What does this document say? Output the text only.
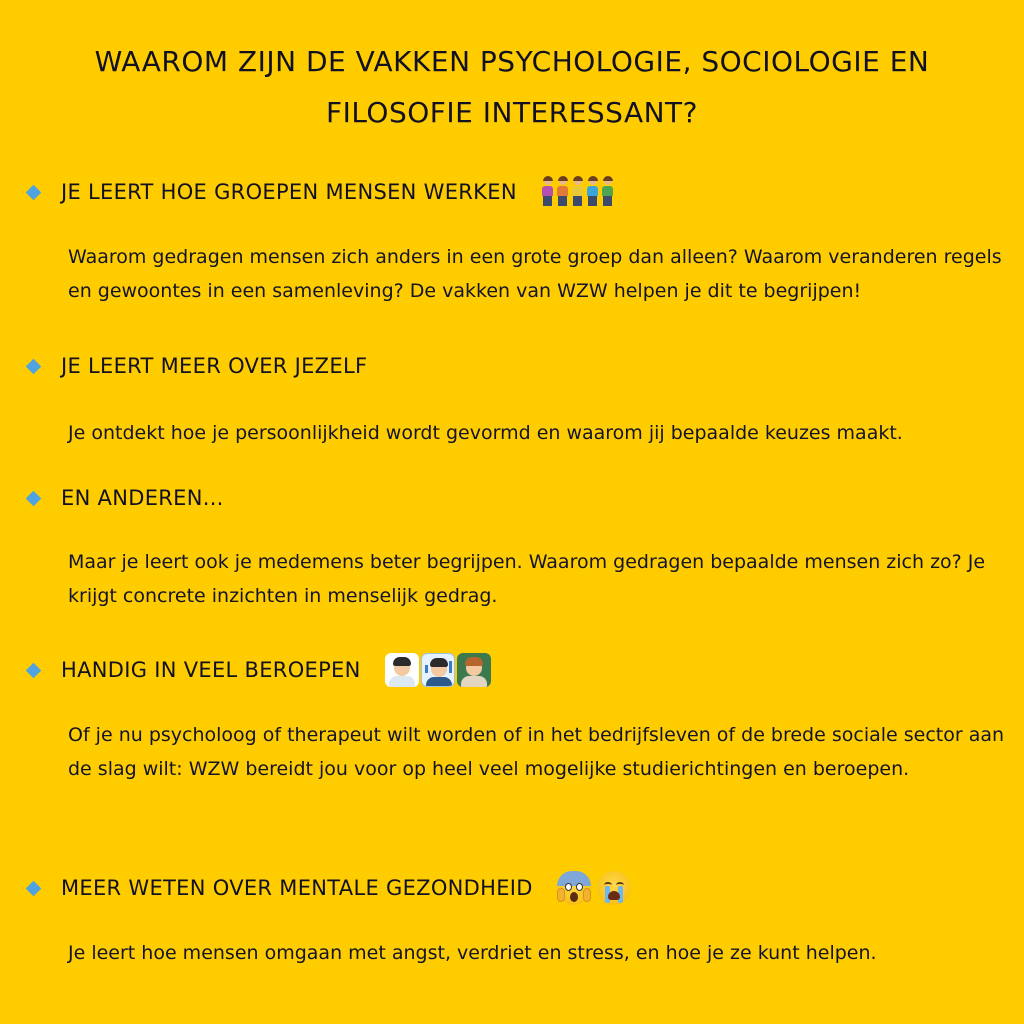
WAAROM ZIJN DE VAKKEN PSYCHOLOGIE, SOCIOLOGIE EN FILOSOFIE INTERESSANT?
JE LEERT HOE GROEPEN MENSEN WERKEN

Waarom gedragen mensen zich anders in een grote groep dan alleen? Waarom veranderen regels en gewoontes in een samenleving? De vakken van WZW helpen je dit te begrijpen!

JE LEERT MEER OVER JEZELF

Je ontdekt hoe je persoonlijkheid wordt gevormd en waarom jij bepaalde keuzes maakt.

EN ANDEREN...

Maar je leert ook je medemens beter begrijpen. Waarom gedragen bepaalde mensen zich zo? Je krijgt concrete inzichten in menselijk gedrag.

HANDIG IN VEEL BEROEPEN

Of je nu psycholoog of therapeut wilt worden of in het bedrijfsleven of de brede sociale sector aan de slag wilt: WZW bereidt jou voor op heel veel mogelijke studierichtingen en beroepen.

MEER WETEN OVER MENTALE GEZONDHEID

Je leert hoe mensen omgaan met angst, verdriet en stress, en hoe je ze kunt helpen.
